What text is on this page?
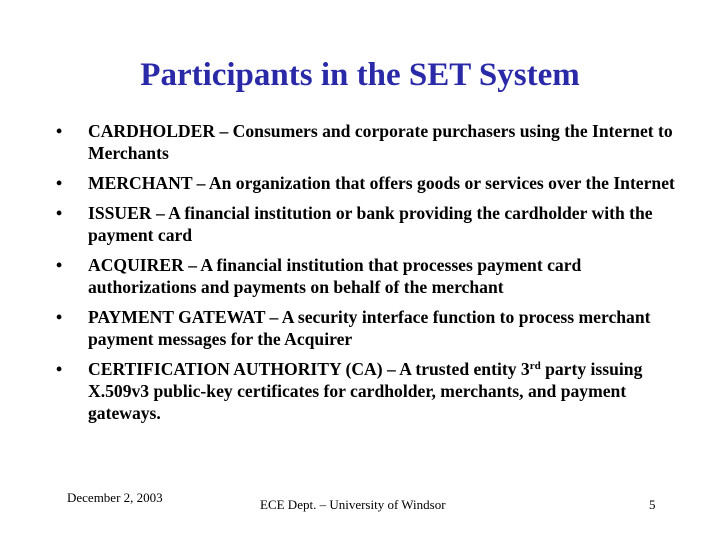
Participants in the SET System
• CARDHOLDER – Consumers and corporate purchasers using the Internet to Merchants
• MERCHANT – An organization that offers goods or services over the Internet
• ISSUER – A financial institution or bank providing the cardholder with the payment card
• ACQUIRER – A financial institution that processes payment card authorizations and payments on behalf of the merchant
• PAYMENT GATEWAT – A security interface function to process merchant payment messages for the Acquirer
• CERTIFICATION AUTHORITY (CA) – A trusted entity 3rd party issuing X.509v3 public-key certificates for cardholder, merchants, and payment gateways.
December 2, 2003	ECE Dept. – University of Windsor	5
